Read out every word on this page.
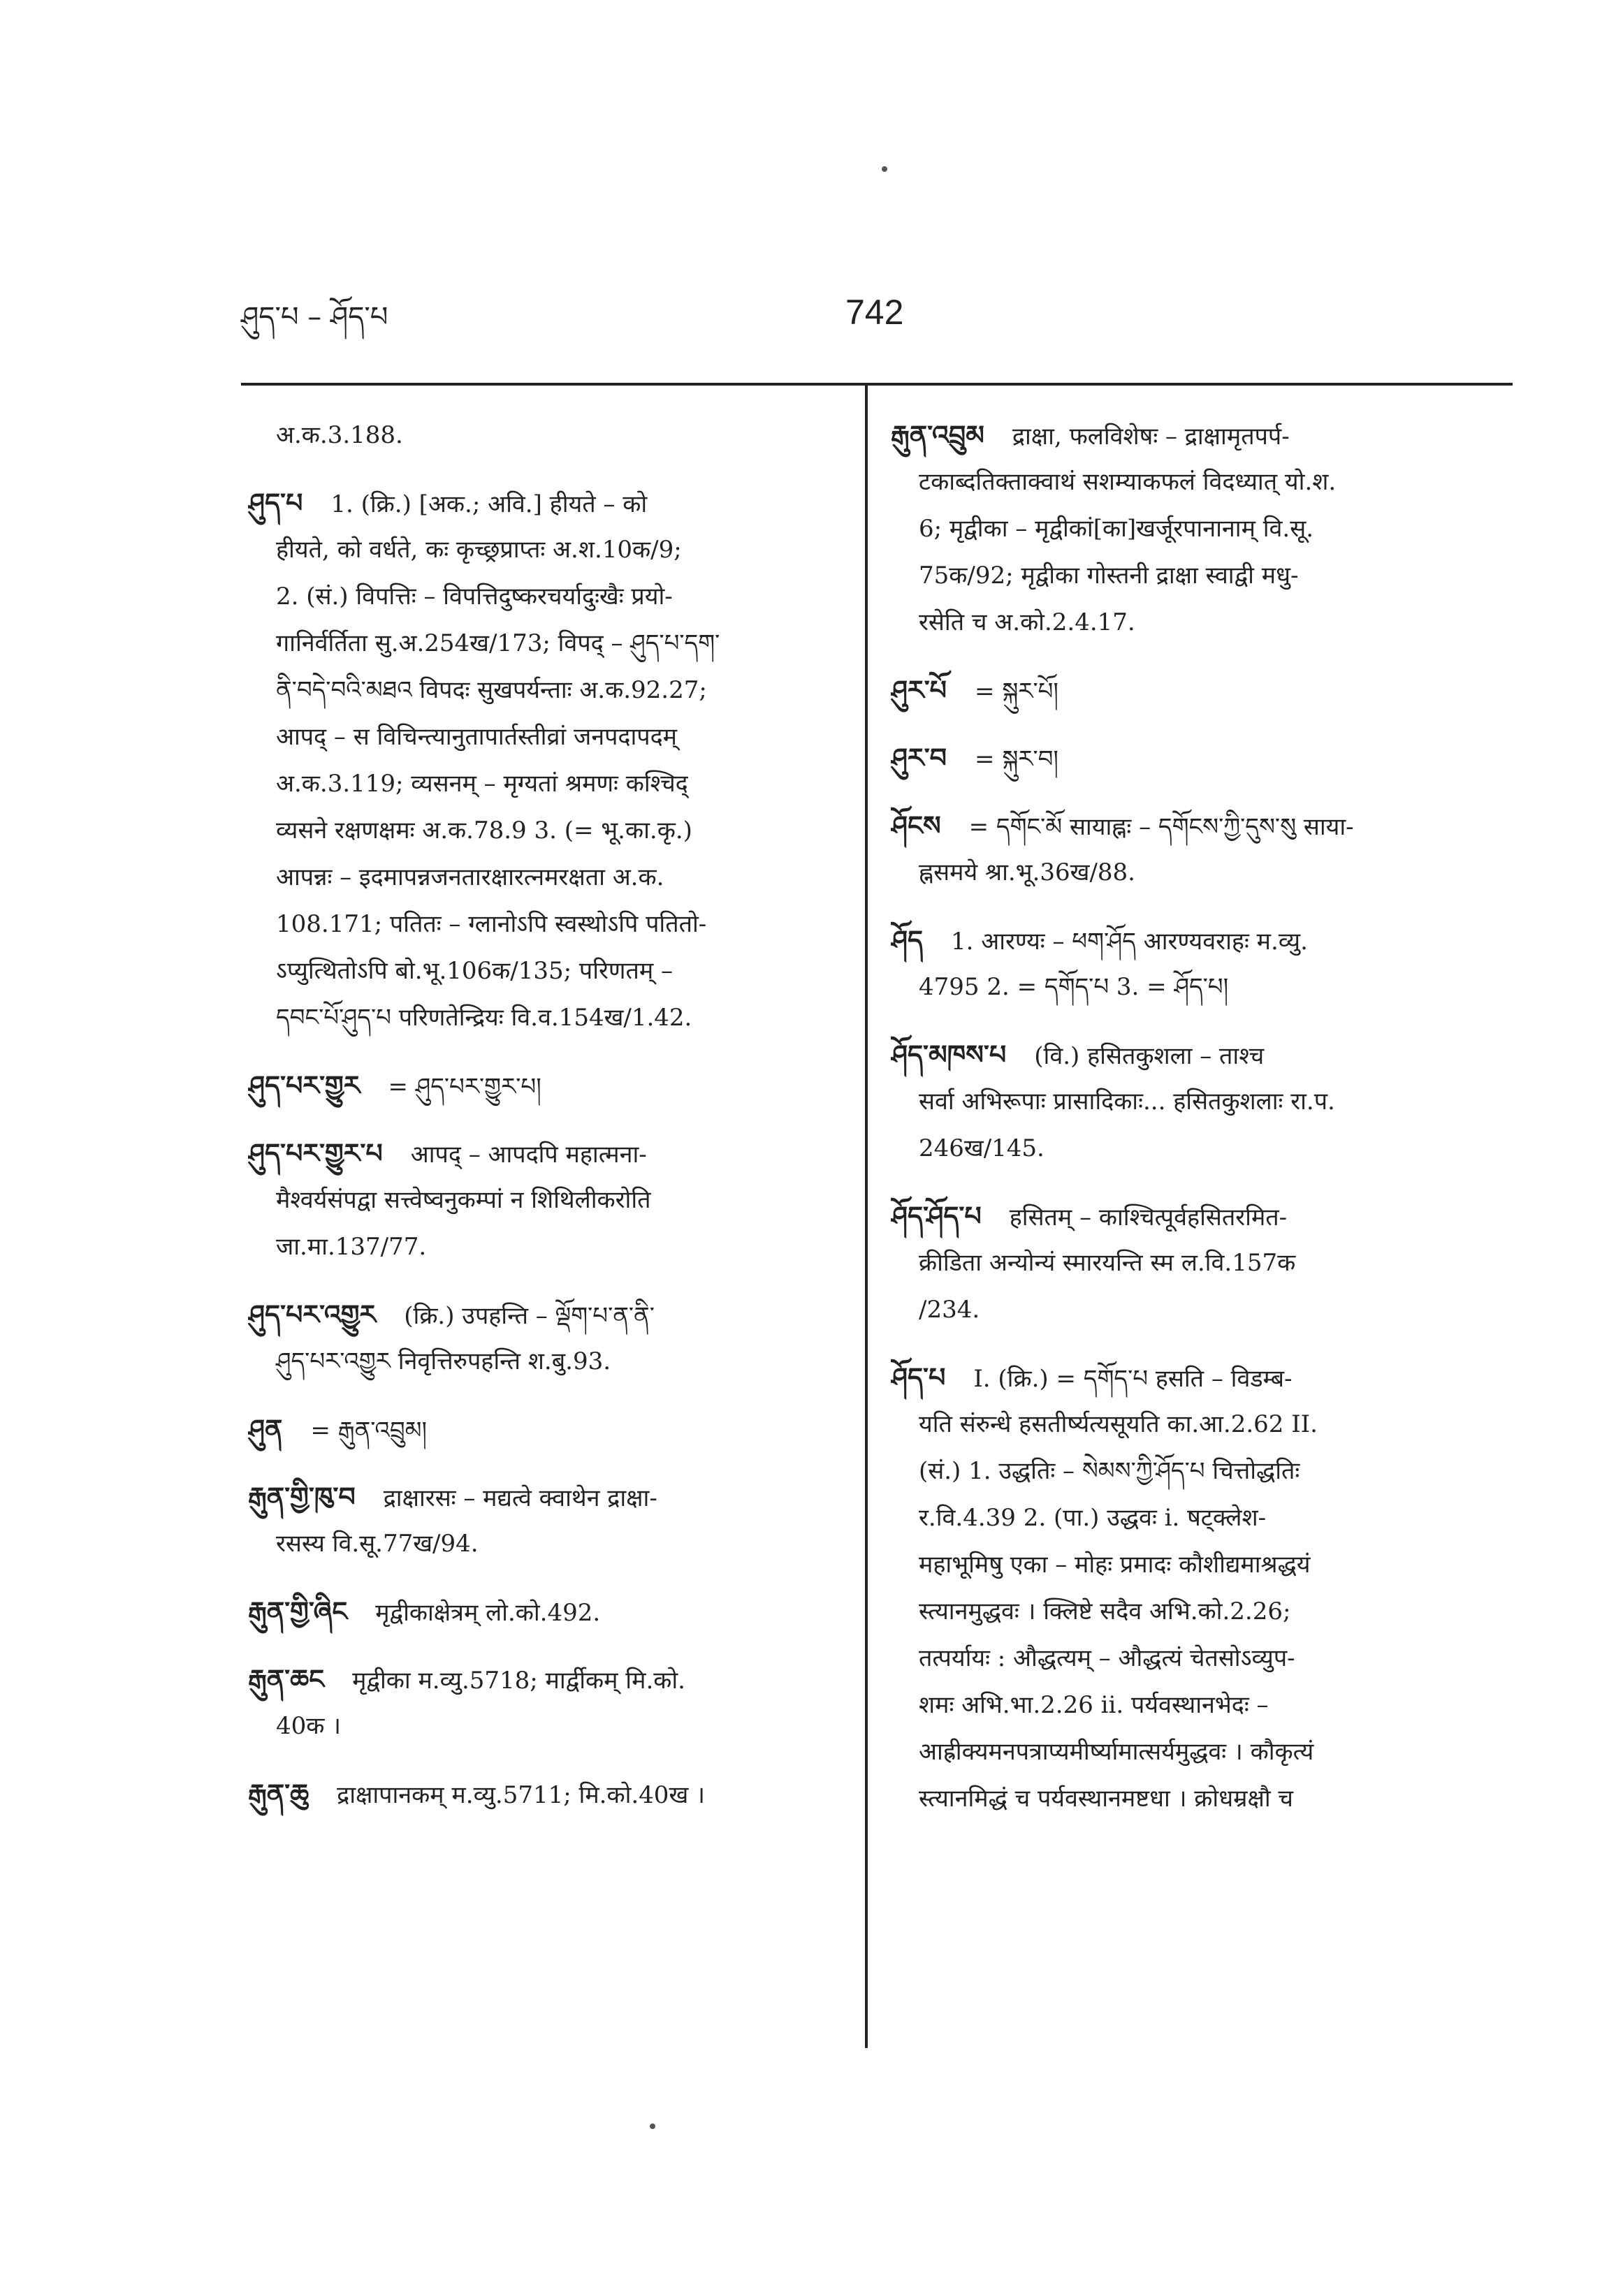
ཤུད་པ – ཤོད་པ	742
अ.क.3.188.
ཤུད་པ 1. (क्रि.) [अक.; अवि.] हीयते – को
हीयते, को वर्धते, कः कृच्छ्रप्राप्तः अ.श.10क/9;
2. (सं.) विपत्तिः – विपत्तिदुष्करचर्यादुःखैः प्रयो-
गानिर्वर्तिता सु.अ.254ख/173; विपद् – ཤུད་པ་དག་
ནི་བདེ་བའི་མཐའ विपदः सुखपर्यन्ताः अ.क.92.27;
आपद् – स विचिन्त्यानुतापार्तस्तीव्रां जनपदापदम्
अ.क.3.119; व्यसनम् – मृग्यतां श्रमणः कश्चिद्
व्यसने रक्षणक्षमः अ.क.78.9 3. (= भू.का.कृ.)
आपन्नः – इदमापन्नजनतारक्षारत्नमरक्षता अ.क.
108.171; पतितः – ग्लानोऽपि स्वस्थोऽपि पतितो-
ऽप्युत्थितोऽपि बो.भू.106क/135; परिणतम् –
དབང་པོ་ཤུད་པ परिणतेन्द्रियः वि.व.154ख/1.42.
ཤུད་པར་གྱུར = ཤུད་པར་གྱུར་པ།
ཤུད་པར་གྱུར་པ आपद् – आपदपि महात्मना-
मैश्वर्यसंपद्वा सत्त्वेष्वनुकम्पां न शिथिलीकरोति
जा.मा.137/77.
ཤུད་པར་འགྱུར (क्रि.) उपहन्ति – ལྡོག་པ་ན་ནི་
ཤུད་པར་འགྱུར निवृत्तिरुपहन्ति श.बु.93.
ཤུན = རྒུན་འབྲུམ།
རྒུན་གྱི་ཁུ་བ द्राक्षारसः – मद्यत्वे क्वाथेन द्राक्षा-
रसस्य वि.सू.77ख/94.
རྒུན་གྱི་ཞིང मृद्वीकाक्षेत्रम् लो.को.492.
རྒུན་ཆང मृद्वीका म.व्यु.5718; मार्द्वीकम् मि.को.
40क ।
རྒུན་ཆུ द्राक्षापानकम् म.व्यु.5711; मि.को.40ख ।
རྒུན་འབྲུམ द्राक्षा, फलविशेषः – द्राक्षामृतपर्प-
टकाब्दतिक्ताक्वाथं सशम्याकफलं विदध्यात् यो.श.
6; मृद्वीका – मृद्वीकां[का]खर्जूरपानानाम् वि.सू.
75क/92; मृद्वीका गोस्तनी द्राक्षा स्वाद्वी मधु-
रसेति च अ.को.2.4.17.
ཤུར་པོ = སྐུར་པོ།
ཤུར་བ = སྐུར་བ།
ཤོངས = དགོང་མོ सायाह्नः – དགོངས་ཀྱི་དུས་སུ साया-
ह्नसमये श्रा.भू.36ख/88.
ཤོད 1. आरण्यः – ཕག་ཤོད आरण्यवराहः म.व्यु.
4795 2. = དགོད་པ 3. = ཤོད་པ།
ཤོད་མཁས་པ (वि.) हसितकुशला – ताश्च
सर्वा अभिरूपाः प्रासादिकाः... हसितकुशलाः रा.प.
246ख/145.
ཤོད་ཤོད་པ हसितम् – काश्चित्पूर्वहसितरमित-
क्रीडिता अन्योन्यं स्मारयन्ति स्म ल.वि.157क
/234.
ཤོད་པ I. (क्रि.) = དགོད་པ हसति – विडम्ब-
यति संरुन्धे हसतीर्ष्यत्यसूयति का.आ.2.62 II.
(सं.) 1. उद्धतिः – སེམས་ཀྱི་ཤོད་པ चित्तोद्धतिः
र.वि.4.39 2. (पा.) उद्धवः i. षट्क्लेश-
महाभूमिषु एका – मोहः प्रमादः कौशीद्यमाश्रद्धयं
स्त्यानमुद्धवः । क्लिष्टे सदैव अभि.को.2.26;
तत्पर्यायः : औद्धत्यम् – औद्धत्यं चेतसोऽव्युप-
शमः अभि.भा.2.26 ii. पर्यवस्थानभेदः –
आह्रीक्यमनपत्राप्यमीर्ष्यामात्सर्यमुद्धवः । कौकृत्यं
स्त्यानमिद्धं च पर्यवस्थानमष्टधा । क्रोधम्रक्षौ च
